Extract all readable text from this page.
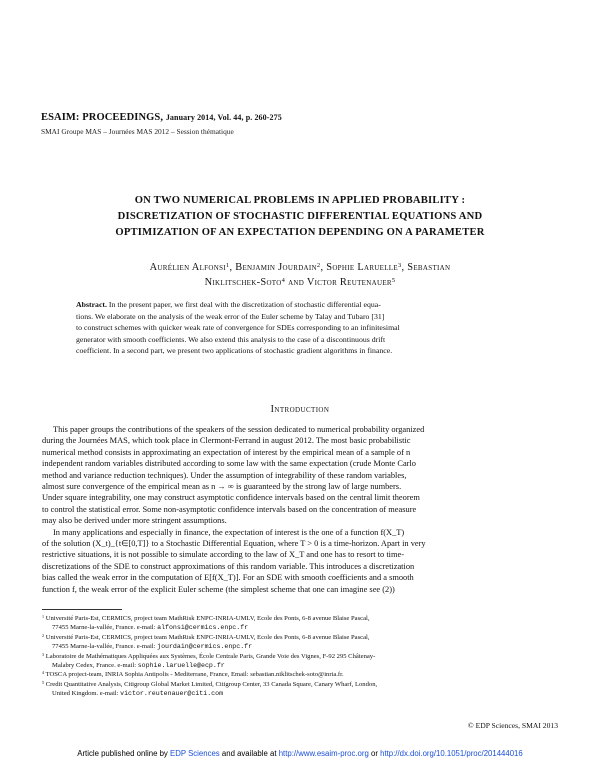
ESAIM: PROCEEDINGS, January 2014, Vol. 44, p. 260-275
SMAI Groupe MAS – Journées MAS 2012 – Session thématique
ON TWO NUMERICAL PROBLEMS IN APPLIED PROBABILITY :
DISCRETIZATION OF STOCHASTIC DIFFERENTIAL EQUATIONS AND
OPTIMIZATION OF AN EXPECTATION DEPENDING ON A PARAMETER
Aurélien Alfonsi$^1$, Benjamin Jourdain$^2$, Sophie Laruelle$^3$, Sebastian
Niklitschek-Soto$^4$ and Victor Reutenauer$^5$
Abstract. In the present paper, we first deal with the discretization of stochastic differential equa-
tions. We elaborate on the analysis of the weak error of the Euler scheme by Talay and Tubaro [31]
to construct schemes with quicker weak rate of convergence for SDEs corresponding to an infinitesimal
generator with smooth coefficients. We also extend this analysis to the case of a discontinuous drift
coefficient. In a second part, we present two applications of stochastic gradient algorithms in finance.
Introduction
This paper groups the contributions of the speakers of the session dedicated to numerical probability organized
during the Journées MAS, which took place in Clermont-Ferrand in august 2012. The most basic probabilistic
numerical method consists in approximating an expectation of interest by the empirical mean of a sample of n
independent random variables distributed according to some law with the same expectation (crude Monte Carlo
method and variance reduction techniques). Under the assumption of integrability of these random variables,
almost sure convergence of the empirical mean as n → ∞ is guaranteed by the strong law of large numbers.
Under square integrability, one may construct asymptotic confidence intervals based on the central limit theorem
to control the statistical error. Some non-asymptotic confidence intervals based on the concentration of measure
may also be derived under more stringent assumptions.
In many applications and especially in finance, the expectation of interest is the one of a function f(X_T)
of the solution (X_t)_{t∈[0,T]} to a Stochastic Differential Equation, where T > 0 is a time-horizon. Apart in very
restrictive situations, it is not possible to simulate according to the law of X_T and one has to resort to time-
discretizations of the SDE to construct approximations of this random variable. This introduces a discretization
bias called the weak error in the computation of E[f(X_T)]. For an SDE with smooth coefficients and a smooth
function f, the weak error of the explicit Euler scheme (the simplest scheme that one can imagine see (2))
$^1$ Université Paris-Est, CERMICS, project team MathRisk ENPC-INRIA-UMLV, Ecole des Ponts, 6-8 avenue Blaise Pascal,
77455 Marne-la-vallée, France. e-mail: alfonsi@cermics.enpc.fr
$^2$ Université Paris-Est, CERMICS, project team MathRisk ENPC-INRIA-UMLV, Ecole des Ponts, 6-8 avenue Blaise Pascal,
77455 Marne-la-vallée, France. e-mail: jourdain@cermics.enpc.fr
$^3$ Laboratoire de Mathématiques Appliquées aux Systèmes, École Centrale Paris, Grande Voie des Vignes, F-92 295 Châtenay-
Malabry Cedex, France. e-mail: sophie.laruelle@ecp.fr
$^4$ TOSCA project-team, INRIA Sophia Antipolis - Mediterrane, France, Email: sebastian.niklitschek-soto@inria.fr.
$^5$ Credit Quantitative Analysis, Citigroup Global Market Limited, Citigroup Center, 33 Canada Square, Canary Wharf, London,
United Kingdom. e-mail: victor.reutenauer@citi.com
© EDP Sciences, SMAI 2013
Article published online by EDP Sciences and available at http://www.esaim-proc.org or http://dx.doi.org/10.1051/proc/201444016
